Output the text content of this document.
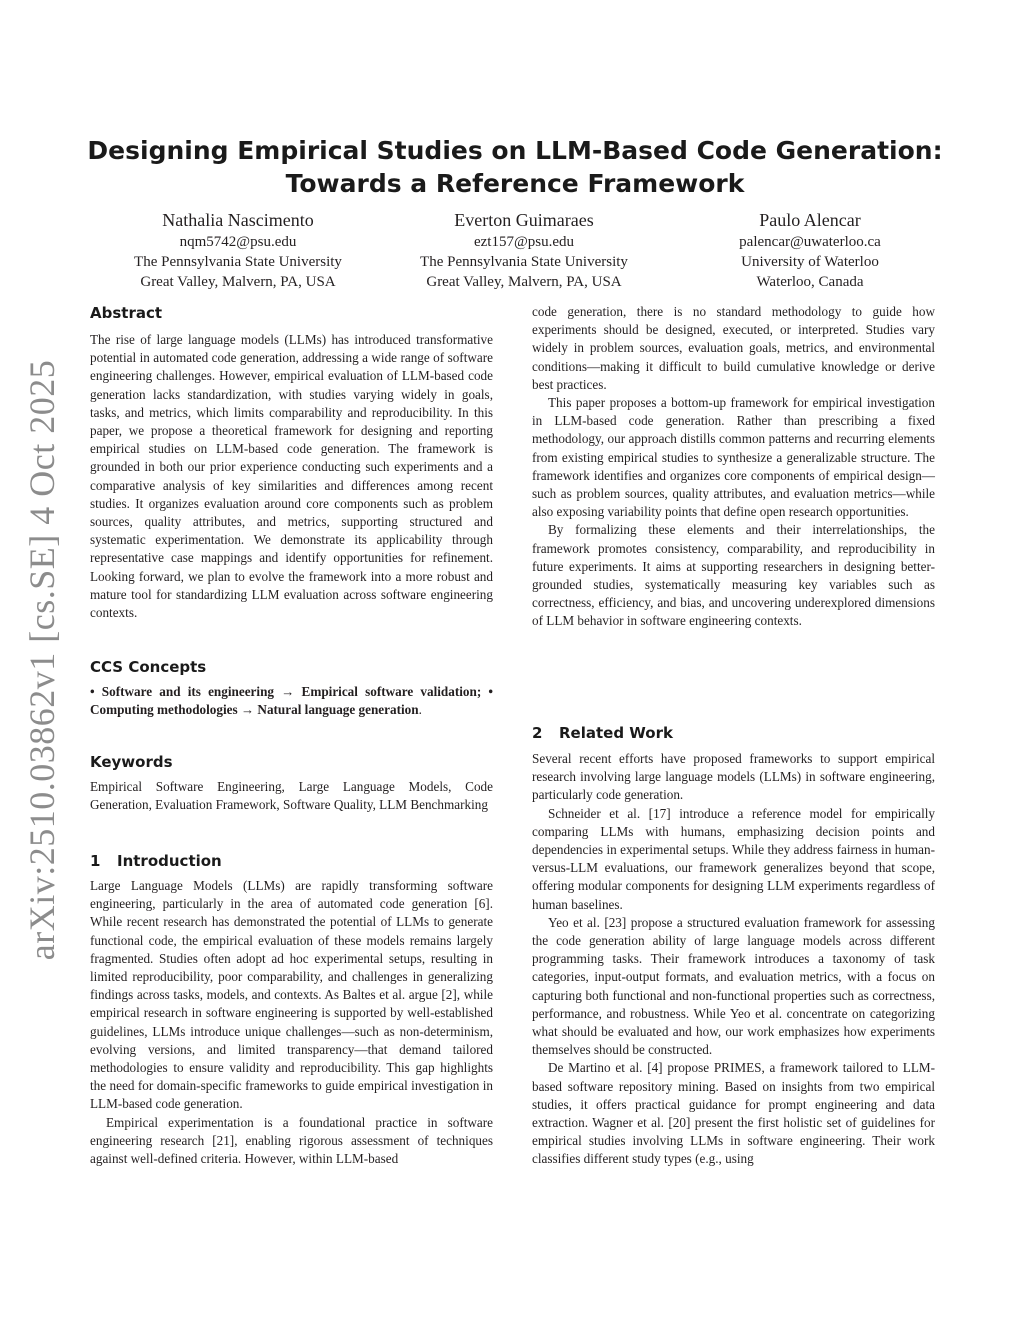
arXiv:2510.03862v1 [cs.SE] 4 Oct 2025
Designing Empirical Studies on LLM-Based Code Generation:
Towards a Reference Framework
Nathalia Nascimento
nqm5742@psu.edu
The Pennsylvania State University
Great Valley, Malvern, PA, USA
Everton Guimaraes
ezt157@psu.edu
The Pennsylvania State University
Great Valley, Malvern, PA, USA
Paulo Alencar
palencar@uwaterloo.ca
University of Waterloo
Waterloo, Canada
Abstract

The rise of large language models (LLMs) has introduced transformative potential in automated code generation, addressing a wide range of software engineering challenges. However, empirical evaluation of LLM-based code generation lacks standardization, with studies varying widely in goals, tasks, and metrics, which limits comparability and reproducibility. In this paper, we propose a theoretical framework for designing and reporting empirical studies on LLM-based code generation. The framework is grounded in both our prior experience conducting such experiments and a comparative analysis of key similarities and differences among recent studies. It organizes evaluation around core components such as problem sources, quality attributes, and metrics, supporting structured and systematic experimentation. We demonstrate its applicability through representative case mappings and identify opportunities for refinement. Looking forward, we plan to evolve the framework into a more robust and mature tool for standardizing LLM evaluation across software engineering contexts.

CCS Concepts

• Software and its engineering → Empirical software validation; • Computing methodologies → Natural language generation.

Keywords

Empirical Software Engineering, Large Language Models, Code Generation, Evaluation Framework, Software Quality, LLM Benchmarking

1 Introduction

Large Language Models (LLMs) are rapidly transforming software engineering, particularly in the area of automated code generation [6]. While recent research has demonstrated the potential of LLMs to generate functional code, the empirical evaluation of these models remains largely fragmented. Studies often adopt ad hoc experimental setups, resulting in limited reproducibility, poor comparability, and challenges in generalizing findings across tasks, models, and contexts. As Baltes et al. argue [2], while empirical research in software engineering is supported by well-established guidelines, LLMs introduce unique challenges—such as non-determinism, evolving versions, and limited transparency—that demand tailored methodologies to ensure validity and reproducibility. This gap highlights the need for domain-specific frameworks to guide empirical investigation in LLM-based code generation.

Empirical experimentation is a foundational practice in software engineering research [21], enabling rigorous assessment of techniques against well-defined criteria. However, within LLM-based

code generation, there is no standard methodology to guide how experiments should be designed, executed, or interpreted. Studies vary widely in problem sources, evaluation goals, metrics, and environmental conditions—making it difficult to build cumulative knowledge or derive best practices.

This paper proposes a bottom-up framework for empirical investigation in LLM-based code generation. Rather than prescribing a fixed methodology, our approach distills common patterns and recurring elements from existing empirical studies to synthesize a generalizable structure. The framework identifies and organizes core components of empirical design—such as problem sources, quality attributes, and evaluation metrics—while also exposing variability points that define open research opportunities.

By formalizing these elements and their interrelationships, the framework promotes consistency, comparability, and reproducibility in future experiments. It aims at supporting researchers in designing better-grounded studies, systematically measuring key variables such as correctness, efficiency, and bias, and uncovering underexplored dimensions of LLM behavior in software engineering contexts.

2 Related Work

Several recent efforts have proposed frameworks to support empirical research involving large language models (LLMs) in software engineering, particularly code generation.

Schneider et al. [17] introduce a reference model for empirically comparing LLMs with humans, emphasizing decision points and dependencies in experimental setups. While they address fairness in human-versus-LLM evaluations, our framework generalizes beyond that scope, offering modular components for designing LLM experiments regardless of human baselines.

Yeo et al. [23] propose a structured evaluation framework for assessing the code generation ability of large language models across different programming tasks. Their framework introduces a taxonomy of task categories, input-output formats, and evaluation metrics, with a focus on capturing both functional and non-functional properties such as correctness, performance, and robustness. While Yeo et al. concentrate on categorizing what should be evaluated and how, our work emphasizes how experiments themselves should be constructed.

De Martino et al. [4] propose PRIMES, a framework tailored to LLM-based software repository mining. Based on insights from two empirical studies, it offers practical guidance for prompt engineering and data extraction. Wagner et al. [20] present the first holistic set of guidelines for empirical studies involving LLMs in software engineering. Their work classifies different study types (e.g., using
